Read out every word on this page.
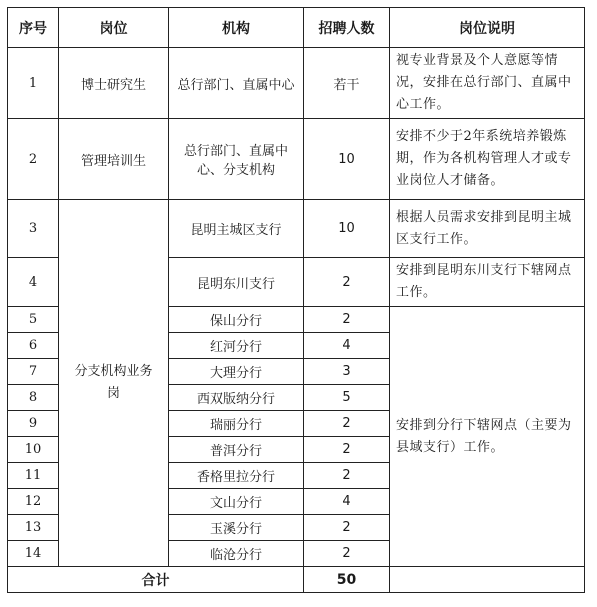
序号	岗位	机构	招聘人数	岗位说明
1	博士研究生	总行部门、直属中心	若干	视专业背景及个人意愿等情况，安排在总行部门、直属中心工作。
2	管理培训生	总行部门、直属中心、分支机构	10	安排不少于2年系统培养锻炼期，作为各机构管理人才或专业岗位人才储备。
3	分支机构业务岗	昆明主城区支行	10	根据人员需求安排到昆明主城区支行工作。
4		昆明东川支行	2	安排到昆明东川支行下辖网点工作。
5		保山分行	2	安排到分行下辖网点（主要为县域支行）工作。
6		红河分行	4	
7		大理分行	3	
8		西双版纳分行	5	
9		瑞丽分行	2	
10		普洱分行	2	
11		香格里拉分行	2	
12		文山分行	4	
13		玉溪分行	2	
14		临沧分行	2	
合计			50	
